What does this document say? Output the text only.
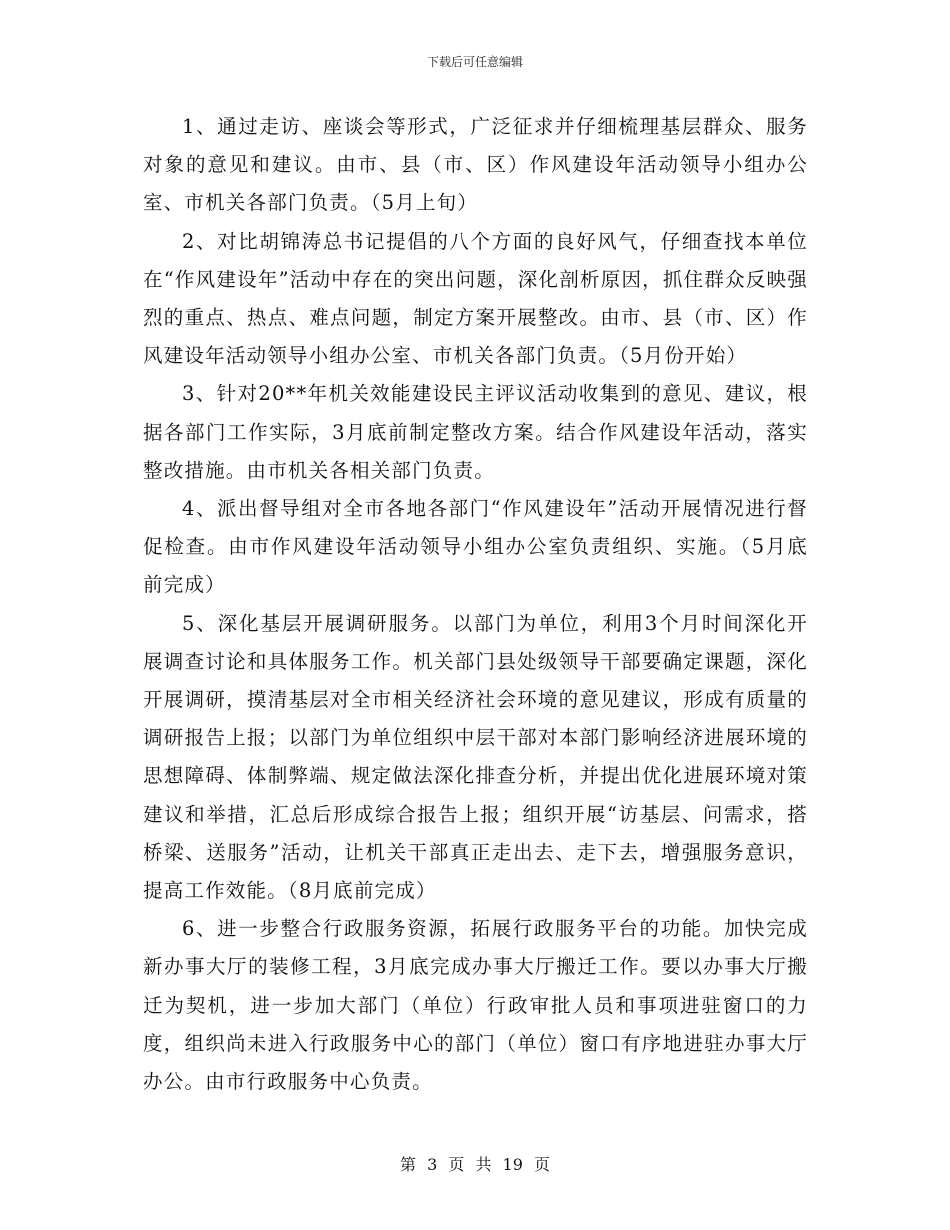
下载后可任意编辑

1、通过走访、座谈会等形式，广泛征求并仔细梳理基层群众、服务对象的意见和建议。由市、县（市、区）作风建设年活动领导小组办公室、市机关各部门负责。（5月上旬）

2、对比胡锦涛总书记提倡的八个方面的良好风气，仔细查找本单位在“作风建设年”活动中存在的突出问题，深化剖析原因，抓住群众反映强烈的重点、热点、难点问题，制定方案开展整改。由市、县（市、区）作风建设年活动领导小组办公室、市机关各部门负责。（5月份开始）

3、针对20**年机关效能建设民主评议活动收集到的意见、建议，根据各部门工作实际，3月底前制定整改方案。结合作风建设年活动，落实整改措施。由市机关各相关部门负责。

4、派出督导组对全市各地各部门“作风建设年”活动开展情况进行督促检查。由市作风建设年活动领导小组办公室负责组织、实施。（5月底前完成）

5、深化基层开展调研服务。以部门为单位，利用3个月时间深化开展调查讨论和具体服务工作。机关部门县处级领导干部要确定课题，深化开展调研，摸清基层对全市相关经济社会环境的意见建议，形成有质量的调研报告上报；以部门为单位组织中层干部对本部门影响经济进展环境的思想障碍、体制弊端、规定做法深化排查分析，并提出优化进展环境对策建议和举措，汇总后形成综合报告上报；组织开展“访基层、问需求，搭桥梁、送服务”活动，让机关干部真正走出去、走下去，增强服务意识，提高工作效能。（8月底前完成）

6、进一步整合行政服务资源，拓展行政服务平台的功能。加快完成新办事大厅的装修工程，3月底完成办事大厅搬迁工作。要以办事大厅搬迁为契机，进一步加大部门（单位）行政审批人员和事项进驻窗口的力度，组织尚未进入行政服务中心的部门（单位）窗口有序地进驻办事大厅办公。由市行政服务中心负责。

第 3 页 共 19 页
